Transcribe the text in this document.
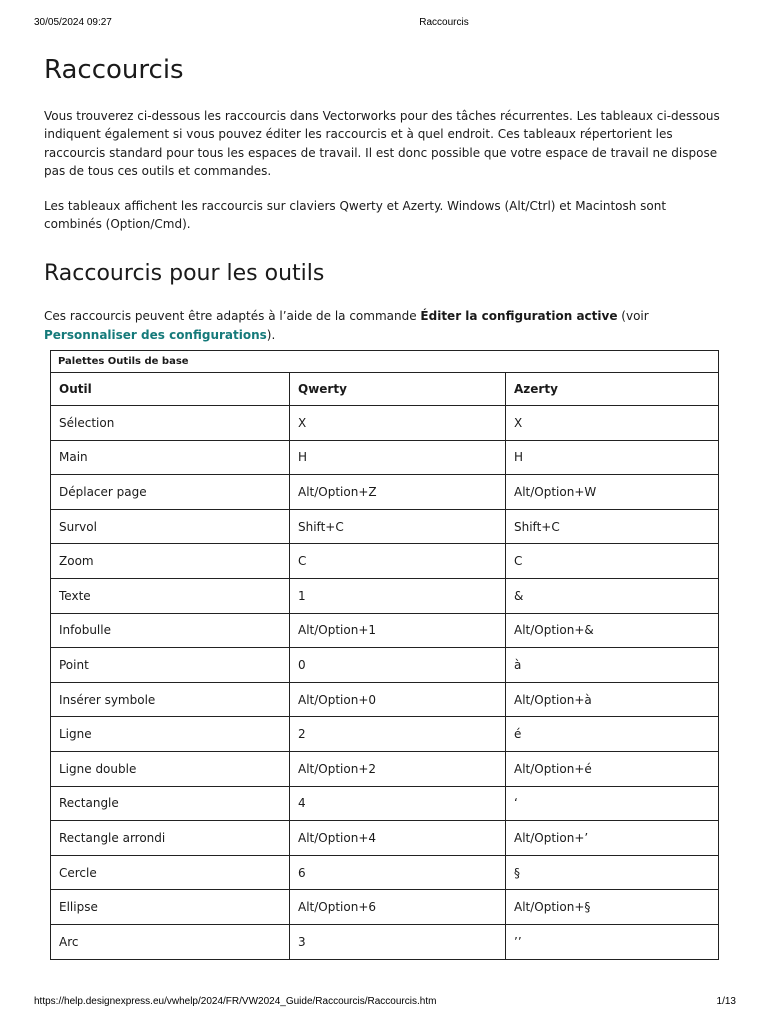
30/05/2024 09:27	Raccourcis
Raccourcis

Vous trouverez ci-dessous les raccourcis dans Vectorworks pour des tâches récurrentes. Les tableaux ci-dessous indiquent également si vous pouvez éditer les raccourcis et à quel endroit. Ces tableaux répertorient les raccourcis standard pour tous les espaces de travail. Il est donc possible que votre espace de travail ne dispose pas de tous ces outils et commandes.

Les tableaux affichent les raccourcis sur claviers Qwerty et Azerty. Windows (Alt/Ctrl) et Macintosh sont combinés (Option/Cmd).

Raccourcis pour les outils

Ces raccourcis peuvent être adaptés à l’aide de la commande Éditer la configuration active (voir Personnaliser des configurations).

Palettes Outils de base		
Outil	Qwerty	Azerty
Sélection	X	X
Main	H	H
Déplacer page	Alt/Option+Z	Alt/Option+W
Survol	Shift+C	Shift+C
Zoom	C	C
Texte	1	&
Infobulle	Alt/Option+1	Alt/Option+&
Point	0	à
Insérer symbole	Alt/Option+0	Alt/Option+à
Ligne	2	é
Ligne double	Alt/Option+2	Alt/Option+é
Rectangle	4	‘
Rectangle arrondi	Alt/Option+4	Alt/Option+’
Cercle	6	§
Ellipse	Alt/Option+6	Alt/Option+§
Arc	3	’’
https://help.designexpress.eu/vwhelp/2024/FR/VW2024_Guide/Raccourcis/Raccourcis.htm	1/13
